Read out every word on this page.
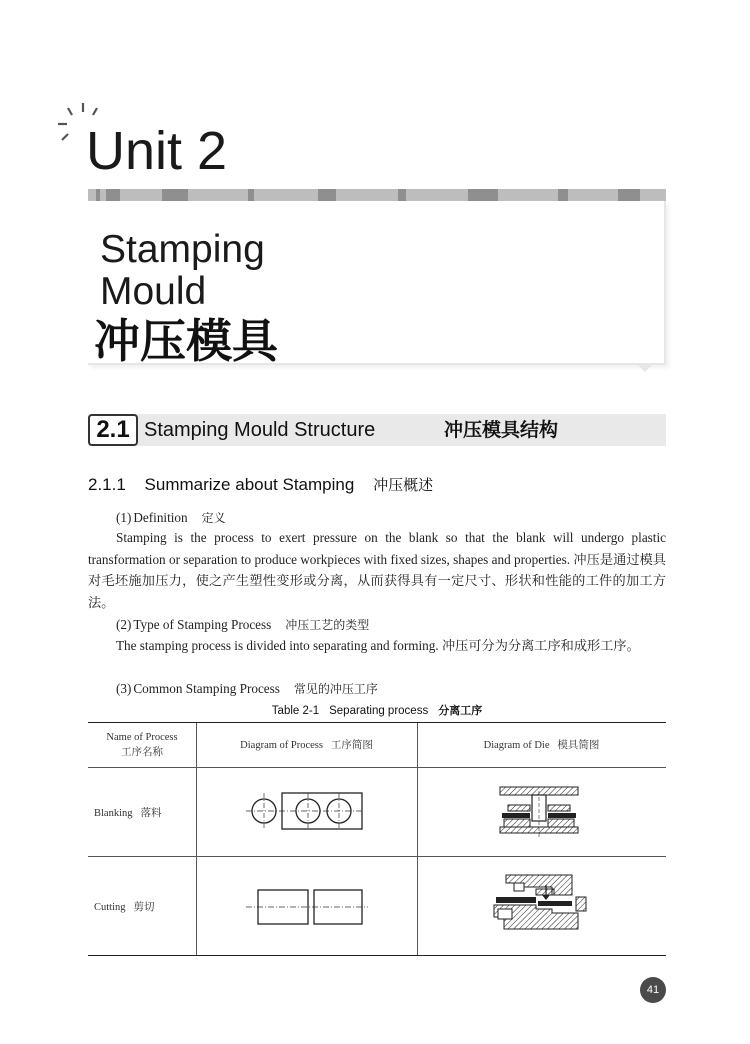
Unit 2
Stamping
Mould
冲压模具
2.1 Stamping Mould Structure	冲压模具结构
2.1.1 Summarize about Stamping 冲压概述
(1) Definition 定义
Stamping is the process to exert pressure on the blank so that the blank will undergo plastic transformation or separation to produce workpieces with fixed sizes, shapes and properties. 冲压是通过模具对毛坯施加压力，使之产生塑性变形或分离，从而获得具有一定尺寸、形状和性能的工件的加工方法。
(2) Type of Stamping Process 冲压工艺的类型
The stamping process is divided into separating and forming. 冲压可分为分离工序和成形工序。
(3) Common Stamping Process 常见的冲压工序
Table 2-1 Separating process 分离工序
Name of Process
工序名称
Diagram of Process 工序简图	Diagram of Die 模具简图
Blanking 落料
Cutting 剪切
41
